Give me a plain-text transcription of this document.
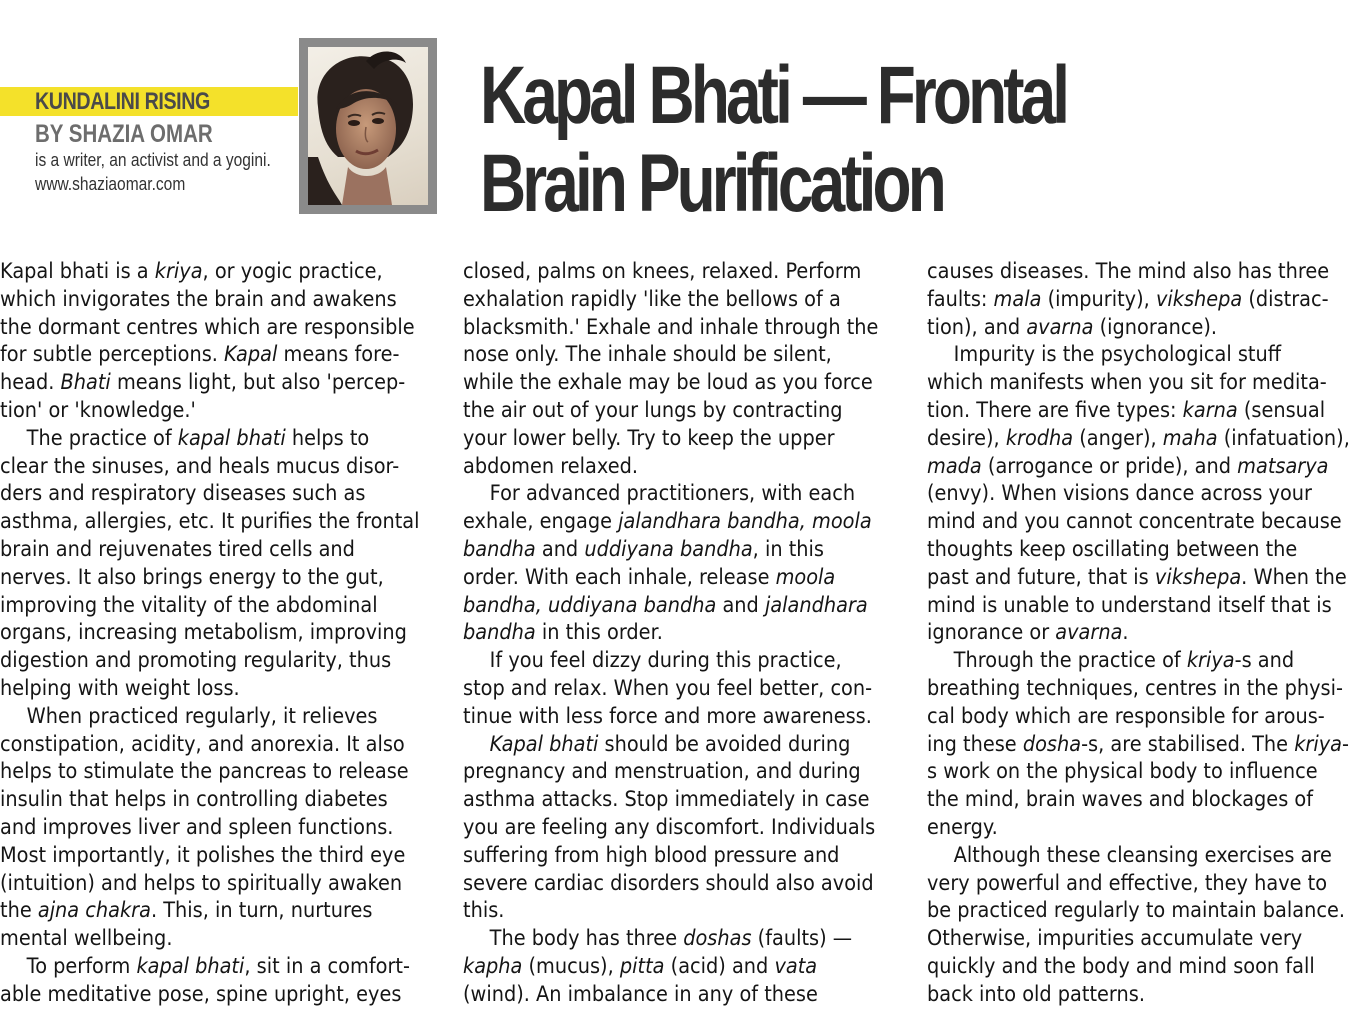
KUNDALINI RISING
BY SHAZIA OMAR
is a writer, an activist and a yogini.
www.shaziaomar.com
Kapal Bhati — Frontal
Brain Purification

Kapal bhati is a kriya, or yogic practice,

which invigorates the brain and awakens

the dormant centres which are responsible

for subtle perceptions. Kapal means fore-

head. Bhati means light, but also 'percep-

tion' or 'knowledge.'

The practice of kapal bhati helps to

clear the sinuses, and heals mucus disor-

ders and respiratory diseases such as

asthma, allergies, etc. It purifies the frontal

brain and rejuvenates tired cells and

nerves. It also brings energy to the gut,

improving the vitality of the abdominal

organs, increasing metabolism, improving

digestion and promoting regularity, thus

helping with weight loss.

When practiced regularly, it relieves

constipation, acidity, and anorexia. It also

helps to stimulate the pancreas to release

insulin that helps in controlling diabetes

and improves liver and spleen functions.

Most importantly, it polishes the third eye

(intuition) and helps to spiritually awaken

the ajna chakra. This, in turn, nurtures

mental wellbeing.

To perform kapal bhati, sit in a comfort-

able meditative pose, spine upright, eyes

closed, palms on knees, relaxed. Perform

exhalation rapidly 'like the bellows of a

blacksmith.' Exhale and inhale through the

nose only. The inhale should be silent,

while the exhale may be loud as you force

the air out of your lungs by contracting

your lower belly. Try to keep the upper

abdomen relaxed.

For advanced practitioners, with each

exhale, engage jalandhara bandha, moola

bandha and uddiyana bandha, in this

order. With each inhale, release moola

bandha, uddiyana bandha and jalandhara

bandha in this order.

If you feel dizzy during this practice,

stop and relax. When you feel better, con-

tinue with less force and more awareness.

Kapal bhati should be avoided during

pregnancy and menstruation, and during

asthma attacks. Stop immediately in case

you are feeling any discomfort. Individuals

suffering from high blood pressure and

severe cardiac disorders should also avoid

this.

The body has three doshas (faults) —

kapha (mucus), pitta (acid) and vata

(wind). An imbalance in any of these

causes diseases. The mind also has three

faults: mala (impurity), vikshepa (distrac-

tion), and avarna (ignorance).

Impurity is the psychological stuff

which manifests when you sit for medita-

tion. There are five types: karna (sensual

desire), krodha (anger), maha (infatuation),

mada (arrogance or pride), and matsarya

(envy). When visions dance across your

mind and you cannot concentrate because

thoughts keep oscillating between the

past and future, that is vikshepa. When the

mind is unable to understand itself that is

ignorance or avarna.

Through the practice of kriya-s and

breathing techniques, centres in the physi-

cal body which are responsible for arous-

ing these dosha-s, are stabilised. The kriya-

s work on the physical body to influence

the mind, brain waves and blockages of

energy.

Although these cleansing exercises are

very powerful and effective, they have to

be practiced regularly to maintain balance.

Otherwise, impurities accumulate very

quickly and the body and mind soon fall

back into old patterns.
